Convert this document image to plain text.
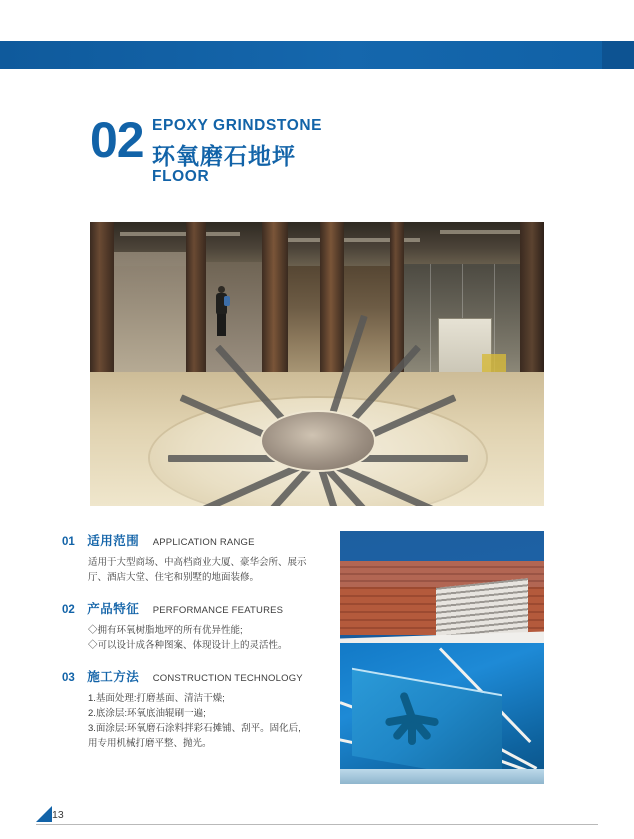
02 EPOXY GRINDSTONE
环氧磨石地坪
FLOOR
01 适用范围 APPLICATION RANGE
适用于大型商场、中高档商业大厦、豪华会所、展示
厅、酒店大堂、住宅和别墅的地面装修。
02 产品特征 PERFORMANCE FEATURES
◇拥有环氧树脂地坪的所有优异性能;
◇可以设计成各种图案、体现设计上的灵活性。
03 施工方法 CONSTRUCTION TECHNOLOGY
1.基面处理:打磨基面、清洁干燥;
2.底涂层:环氧底油辊刷一遍;
3.面涂层:环氧磨石涂料拌彩石摊铺、刮平。固化后,
用专用机械打磨平整、抛光。
13
